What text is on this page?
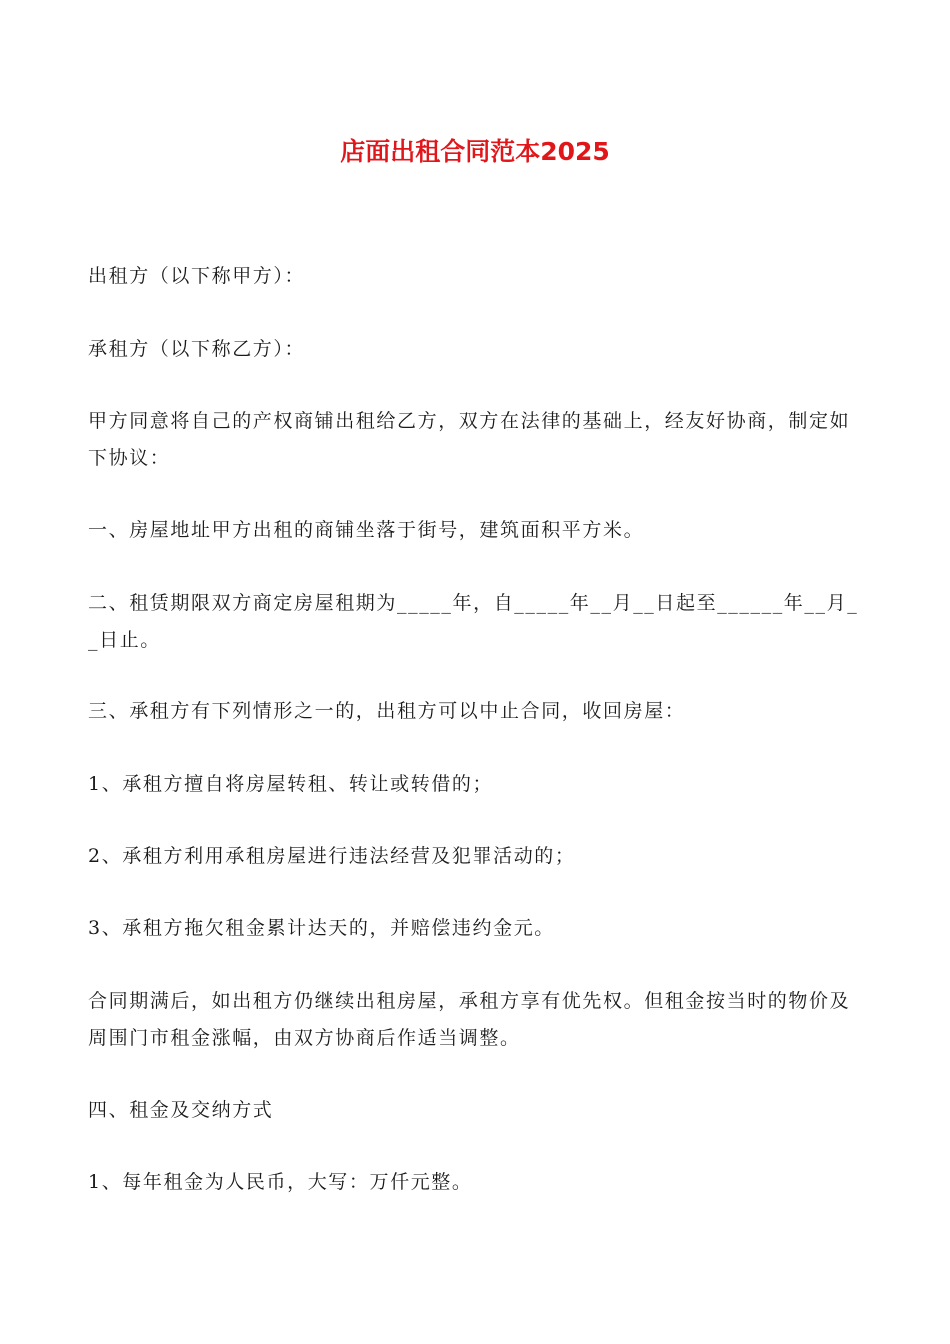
店面出租合同范本2025
出租方（以下称甲方）：
承租方（以下称乙方）：
甲方同意将自己的产权商铺出租给乙方，双方在法律的基础上，经友好协商，制定如下协议：
一、房屋地址甲方出租的商铺坐落于街号，建筑面积平方米。
二、租赁期限双方商定房屋租期为_____年，自_____年__月__日起至______年__月__日止。
三、承租方有下列情形之一的，出租方可以中止合同，收回房屋：
1、承租方擅自将房屋转租、转让或转借的；
2、承租方利用承租房屋进行违法经营及犯罪活动的；
3、承租方拖欠租金累计达天的，并赔偿违约金元。
合同期满后，如出租方仍继续出租房屋，承租方享有优先权。但租金按当时的物价及周围门市租金涨幅，由双方协商后作适当调整。
四、租金及交纳方式
1、每年租金为人民币，大写：万仟元整。
